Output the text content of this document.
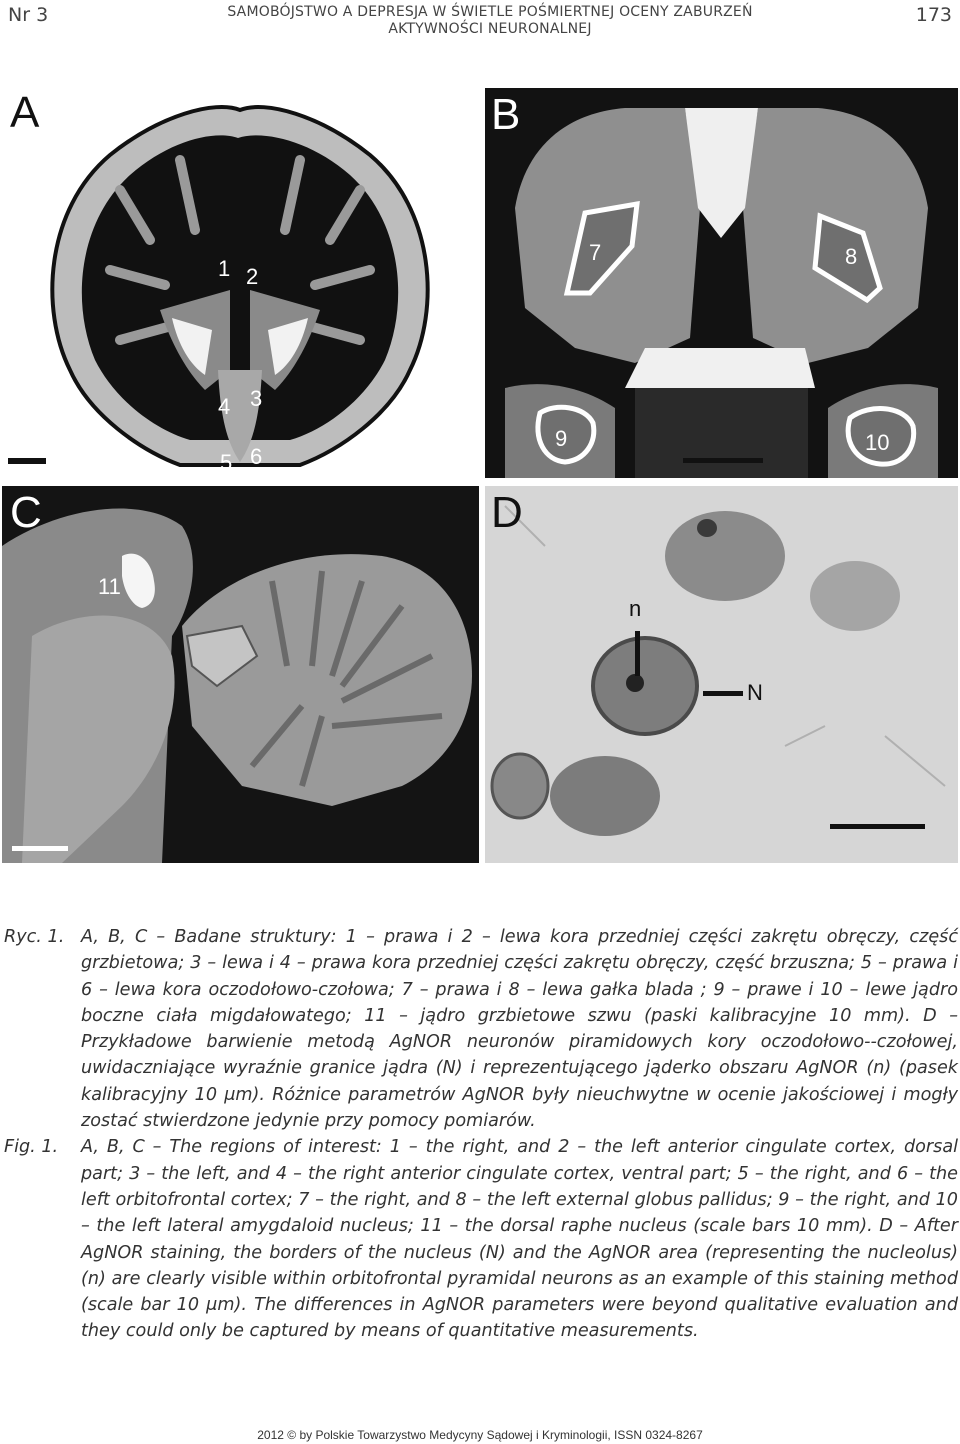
Nr 3	SAMOBÓJSTWO A DEPRESJA W ŚWIETLE POŚMIERTNEJ OCENY ZABURZEŃ
AKTYWNOŚCI NEURONALNEJ
173
A
1 2
3
4
5 6
B
7	8
9	10
C
11
D
n
N
Ryc. 1. A, B, C – Badane struktury: 1 – prawa i 2 – lewa kora przedniej części zakrętu obręczy, część grzbietowa; 3 – lewa i 4 – prawa kora przedniej części zakrętu obręczy, część brzuszna; 5 – prawa i 6 – lewa kora oczodołowo-czołowa; 7 – prawa i 8 – lewa gałka blada ; 9 – prawe i 10 – lewe jądro boczne ciała migdałowatego; 11 – jądro grzbietowe szwu (paski kalibracyjne 10 mm). D – Przykładowe barwienie metodą AgNOR neuronów piramidowych kory oczodołowo--czołowej, uwidaczniające wyraźnie granice jądra (N) i reprezentującego jąderko obszaru AgNOR (n) (pasek kalibracyjny 10 μm). Różnice parametrów AgNOR były nieuchwytne w ocenie jakościowej i mogły zostać stwierdzone jedynie przy pomocy pomiarów.
Fig. 1.	A, B, C – The regions of interest: 1 – the right, and 2 – the left anterior cingulate cortex, dorsal part; 3 – the left, and 4 – the right anterior cingulate cortex, ventral part; 5 – the right, and 6 – the left orbitofrontal cortex; 7 – the right, and 8 – the left external globus pallidus; 9 – the right, and 10 – the left lateral amygdaloid nucleus; 11 – the dorsal raphe nucleus (scale bars 10 mm). D – After AgNOR staining, the borders of the nucleus (N) and the AgNOR area (representing the nucleolus) (n) are clearly visible within orbitofrontal pyramidal neurons as an example of this staining method (scale bar 10 μm). The differences in AgNOR parameters were beyond qualitative evaluation and they could only be captured by means of quantitative measurements.
2012 © by Polskie Towarzystwo Medycyny Sądowej i Kryminologii, ISSN 0324-8267
